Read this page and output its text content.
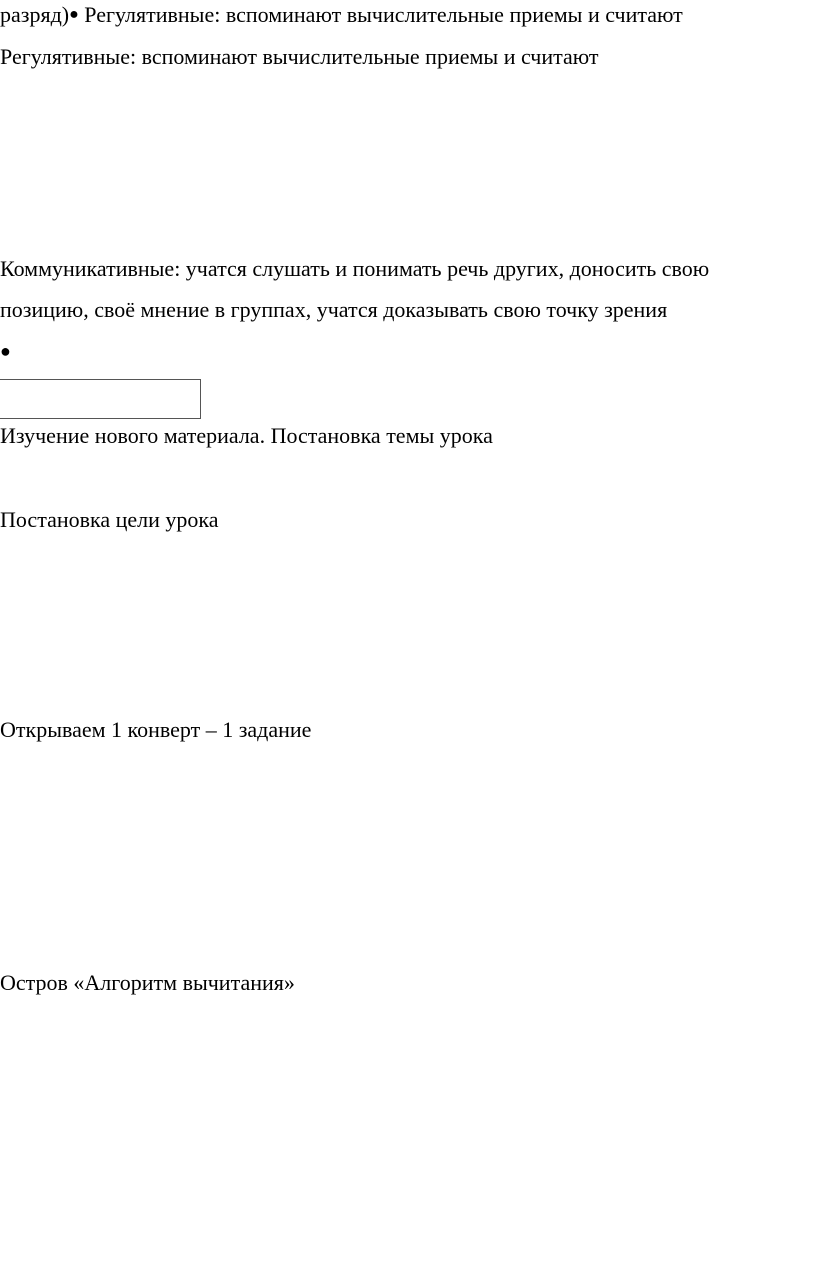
разряд)● Регулятивные: вспоминают вычислительные приемы и считают
Регулятивные: вспоминают вычислительные приемы и считают
Коммуникативные: учатся слушать и понимать речь других, доносить свою
позицию, своё мнение в группах, учатся доказывать свою точку зрения
●
Изучение нового материала. Постановка темы урока
Постановка цели урока
Открываем 1 конверт – 1 задание
Остров «Алгоритм вычитания»
